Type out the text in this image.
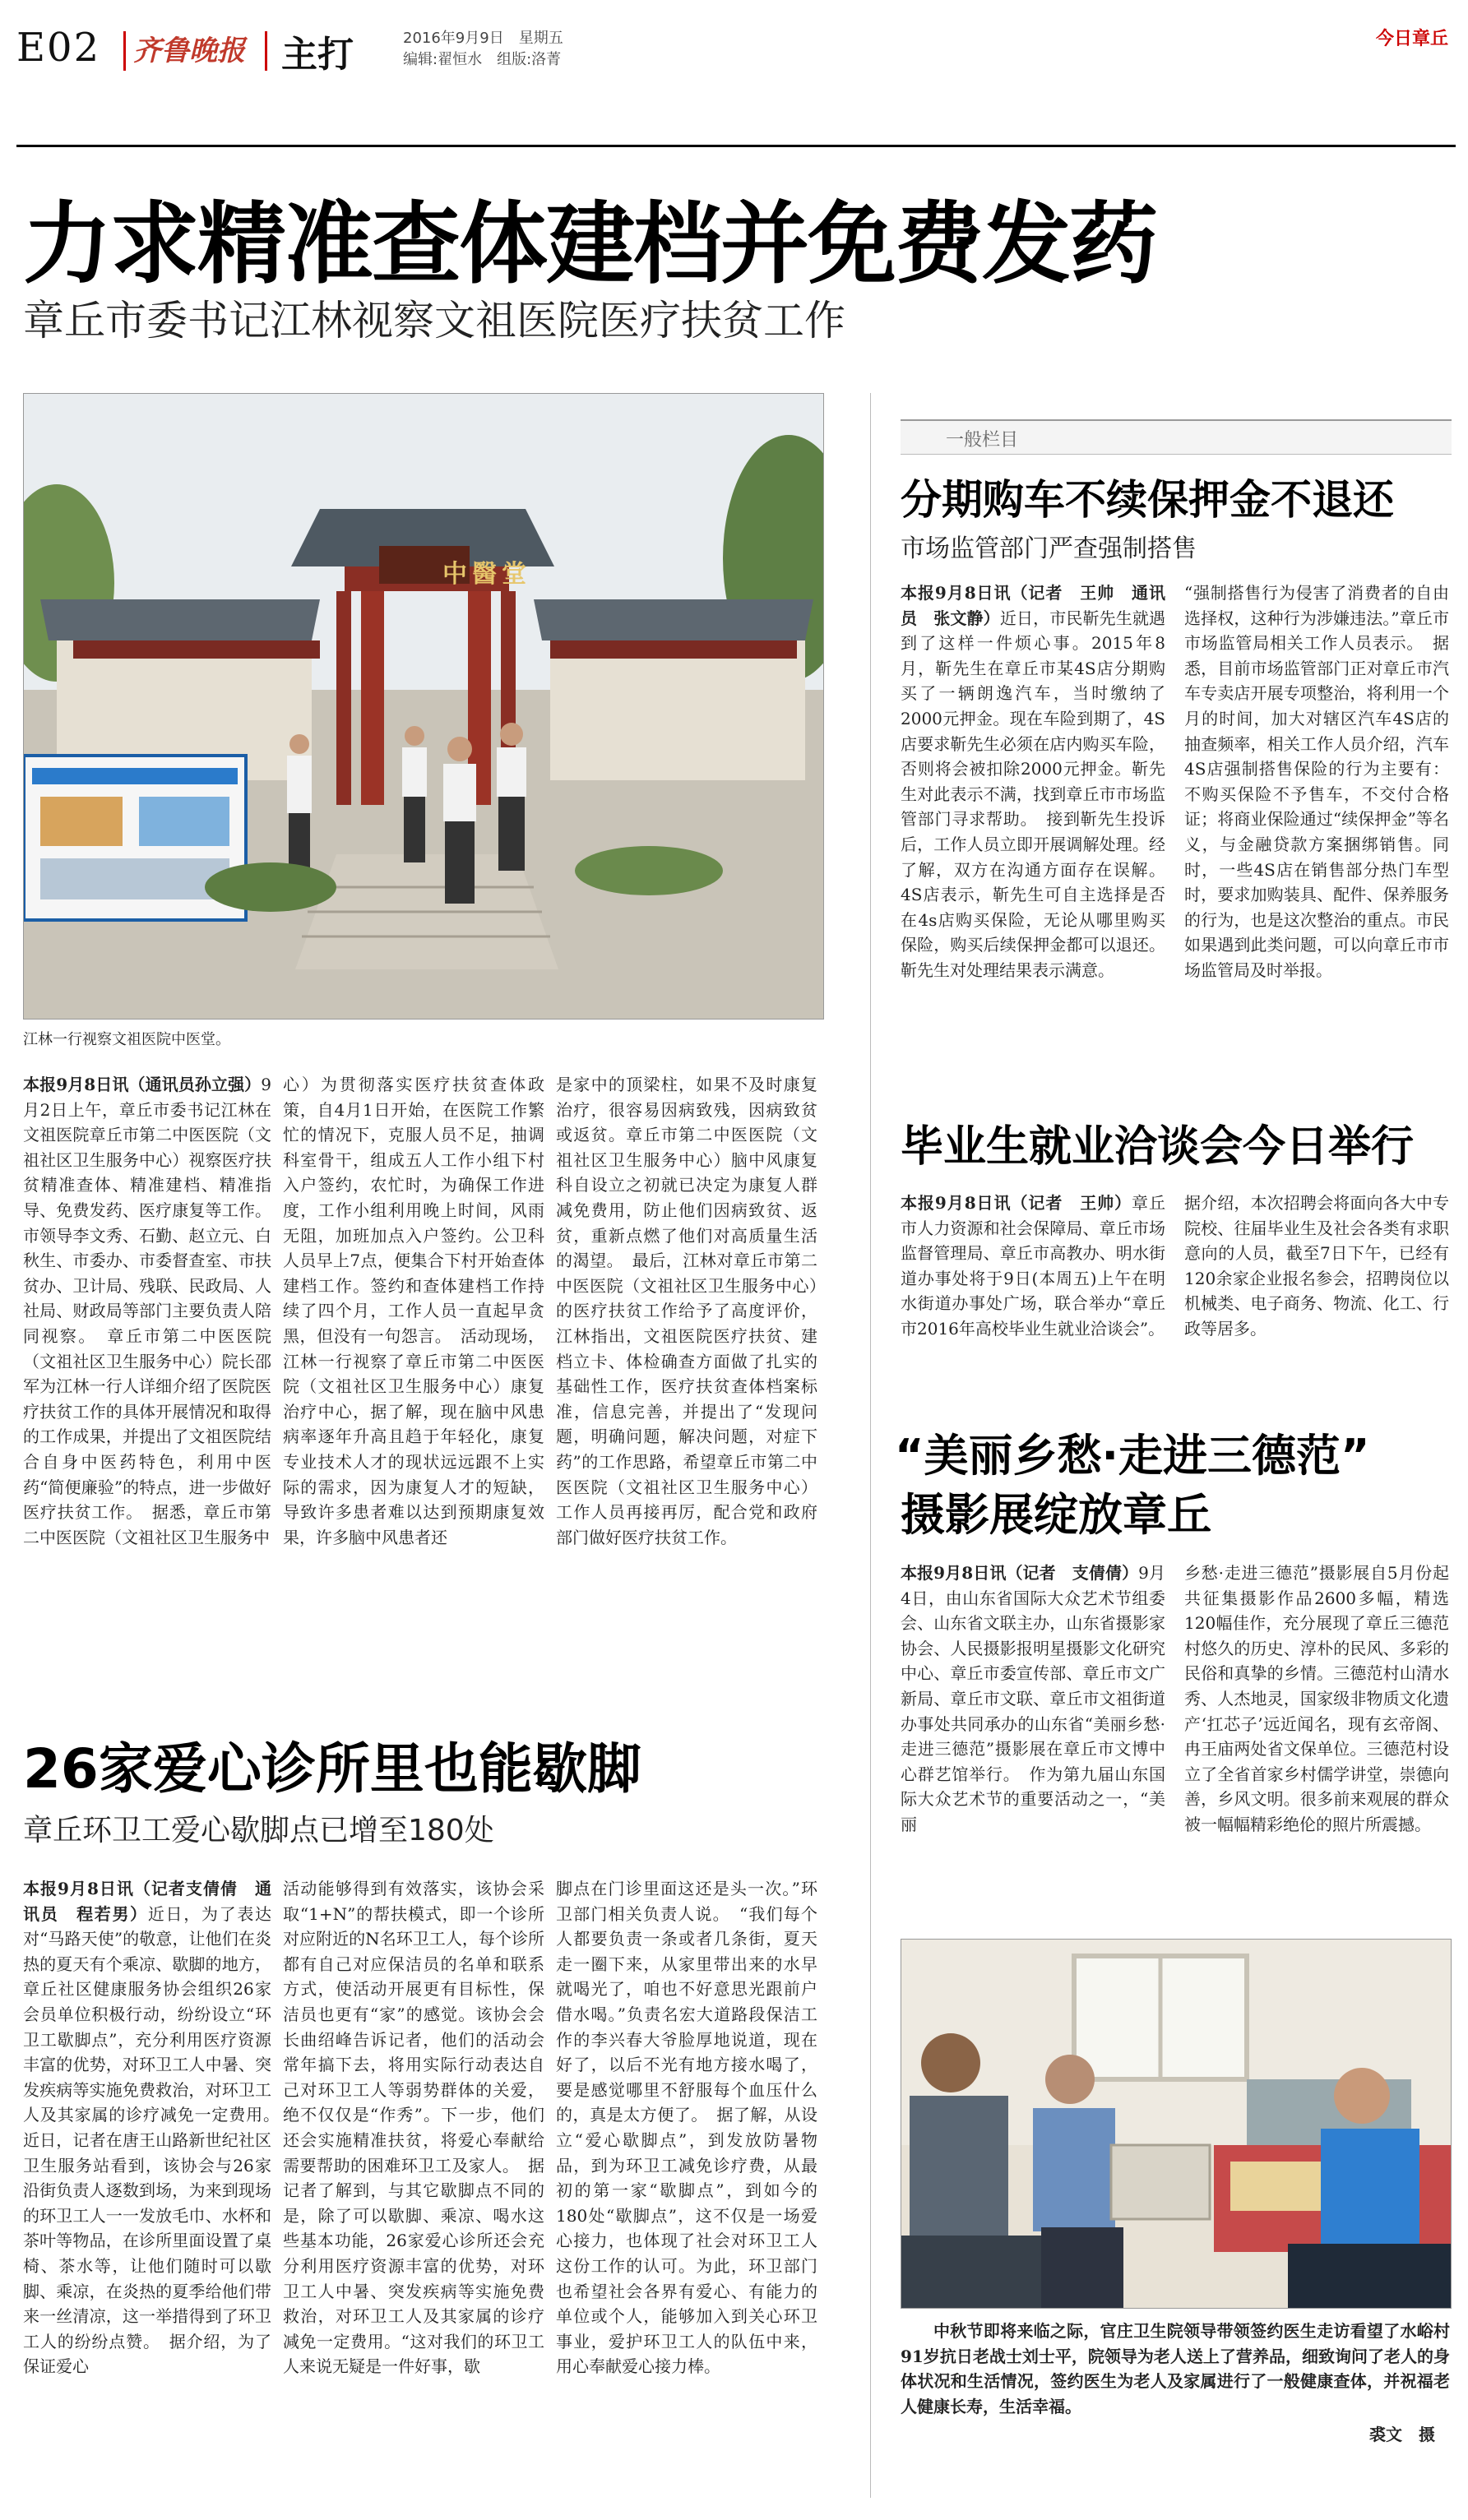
E02 齐鲁晚报 主打	2016年9月9日　星期五
编辑:翟恒水　组版:洛菁
今日章丘
力求精准查体建档并免费发药
章丘市委书记江林视察文祖医院医疗扶贫工作
中醫堂
江林一行视察文祖医院中医堂。

本报9月8日讯（通讯员孙立强）9月2日上午，章丘市委书记江林在文祖医院章丘市第二中医医院（文祖社区卫生服务中心）视察医疗扶贫精准查体、精准建档、精准指导、免费发药、医疗康复等工作。市领导李文秀、石勤、赵立元、白秋生、市委办、市委督查室、市扶贫办、卫计局、残联、民政局、人社局、财政局等部门主要负责人陪同视察。　章丘市第二中医医院（文祖社区卫生服务中心）院长邵军为江林一行人详细介绍了医院医疗扶贫工作的具体开展情况和取得的工作成果，并提出了文祖医院结合自身中医药特色，利用中医药“简便廉验”的特点，进一步做好医疗扶贫工作。　据悉，章丘市第二中医医院（文祖社区卫生服务中

心）为贯彻落实医疗扶贫查体政策，自4月1日开始，在医院工作繁忙的情况下，克服人员不足，抽调科室骨干，组成五人工作小组下村入户签约，农忙时，为确保工作进度，工作小组利用晚上时间，风雨无阻，加班加点入户签约。公卫科人员早上7点，便集合下村开始查体建档工作。签约和查体建档工作持续了四个月，工作人员一直起早贪黑，但没有一句怨言。　活动现场，江林一行视察了章丘市第二中医医院（文祖社区卫生服务中心）康复治疗中心，据了解，现在脑中风患病率逐年升高且趋于年轻化，康复专业技术人才的现状远远跟不上实际的需求，因为康复人才的短缺，导致许多患者难以达到预期康复效果，许多脑中风患者还

是家中的顶梁柱，如果不及时康复治疗，很容易因病致残，因病致贫或返贫。章丘市第二中医医院（文祖社区卫生服务中心）脑中风康复科自设立之初就已决定为康复人群减免费用，防止他们因病致贫、返贫，重新点燃了他们对高质量生活的渴望。　最后，江林对章丘市第二中医医院（文祖社区卫生服务中心）的医疗扶贫工作给予了高度评价，江林指出，文祖医院医疗扶贫、建档立卡、体检确查方面做了扎实的基础性工作，医疗扶贫查体档案标准，信息完善，并提出了“发现问题，明确问题，解决问题，对症下药”的工作思路，希望章丘市第二中医医院（文祖社区卫生服务中心）工作人员再接再厉，配合党和政府部门做好医疗扶贫工作。

26家爱心诊所里也能歇脚
章丘环卫工爱心歇脚点已增至180处

本报9月8日讯（记者支倩倩　通讯员　程若男）近日，为了表达对“马路天使”的敬意，让他们在炎热的夏天有个乘凉、歇脚的地方，章丘社区健康服务协会组织26家会员单位积极行动，纷纷设立“环卫工歇脚点”，充分利用医疗资源丰富的优势，对环卫工人中暑、突发疾病等实施免费救治，对环卫工人及其家属的诊疗减免一定费用。　近日，记者在唐王山路新世纪社区卫生服务站看到，该协会与26家沿街负责人逐数到场，为来到现场的环卫工人一一发放毛巾、水杯和茶叶等物品，在诊所里面设置了桌椅、茶水等，让他们随时可以歇脚、乘凉，在炎热的夏季给他们带来一丝清凉，这一举措得到了环卫工人的纷纷点赞。　据介绍，为了保证爱心

活动能够得到有效落实，该协会采取“1+N”的帮扶模式，即一个诊所对应附近的N名环卫工人，每个诊所都有自己对应保洁员的名单和联系方式，使活动开展更有目标性，保洁员也更有“家”的感觉。该协会会长曲绍峰告诉记者，他们的活动会常年搞下去，将用实际行动表达自己对环卫工人等弱势群体的关爱，绝不仅仅是“作秀”。下一步，他们还会实施精准扶贫，将爱心奉献给需要帮助的困难环卫工及家人。　据记者了解到，与其它歇脚点不同的是，除了可以歇脚、乘凉、喝水这些基本功能，26家爱心诊所还会充分利用医疗资源丰富的优势，对环卫工人中暑、突发疾病等实施免费救治，对环卫工人及其家属的诊疗减免一定费用。“这对我们的环卫工人来说无疑是一件好事，歇

脚点在门诊里面这还是头一次。”环卫部门相关负责人说。　“我们每个人都要负责一条或者几条街，夏天走一圈下来，从家里带出来的水早就喝光了，咱也不好意思光跟前户借水喝。”负责名宏大道路段保洁工作的李兴春大爷脸厚地说道，现在好了，以后不光有地方接水喝了，要是感觉哪里不舒服每个血压什么的，真是太方便了。　据了解，从设立“爱心歇脚点”，到发放防暑物品，到为环卫工减免诊疗费，从最初的第一家“歇脚点”，到如今的180处“歇脚点”，这不仅是一场爱心接力，也体现了社会对环卫工人这份工作的认可。为此，环卫部门也希望社会各界有爱心、有能力的单位或个人，能够加入到关心环卫事业，爱护环卫工人的队伍中来，用心奉献爱心接力棒。

一般栏目
分期购车不续保押金不退还
市场监管部门严查强制搭售

本报9月8日讯（记者　王帅　通讯员　张文静）近日，市民靳先生就遇到了这样一件烦心事。2015年8月，靳先生在章丘市某4S店分期购买了一辆朗逸汽车，当时缴纳了2000元押金。现在车险到期了，4S店要求靳先生必须在店内购买车险，否则将会被扣除2000元押金。靳先生对此表示不满，找到章丘市市场监管部门寻求帮助。　接到靳先生投诉后，工作人员立即开展调解处理。经了解，双方在沟通方面存在误解。4S店表示，靳先生可自主选择是否在4s店购买保险，无论从哪里购买保险，购买后续保押金都可以退还。靳先生对处理结果表示满意。

“强制搭售行为侵害了消费者的自由选择权，这种行为涉嫌违法。”章丘市市场监管局相关工作人员表示。　据悉，目前市场监管部门正对章丘市汽车专卖店开展专项整治，将利用一个月的时间，加大对辖区汽车4S店的抽查频率，相关工作人员介绍，汽车4S店强制搭售保险的行为主要有：不购买保险不予售车，不交付合格证；将商业保险通过“续保押金”等名义，与金融贷款方案捆绑销售。同时，一些4S店在销售部分热门车型时，要求加购装具、配件、保养服务的行为，也是这次整治的重点。市民如果遇到此类问题，可以向章丘市市场监管局及时举报。

毕业生就业洽谈会今日举行

本报9月8日讯（记者　王帅）章丘市人力资源和社会保障局、章丘市场监督管理局、章丘市高教办、明水街道办事处将于9日(本周五)上午在明水街道办事处广场，联合举办“章丘市2016年高校毕业生就业洽谈会”。

据介绍，本次招聘会将面向各大中专院校、往届毕业生及社会各类有求职意向的人员，截至7日下午，已经有120余家企业报名参会，招聘岗位以机械类、电子商务、物流、化工、行政等居多。

“美丽乡愁·走进三德范”
摄影展绽放章丘

本报9月8日讯（记者　支倩倩）9月4日，由山东省国际大众艺术节组委会、山东省文联主办，山东省摄影家协会、人民摄影报明星摄影文化研究中心、章丘市委宣传部、章丘市文广新局、章丘市文联、章丘市文祖街道办事处共同承办的山东省“美丽乡愁·走进三德范”摄影展在章丘市文博中心群艺馆举行。　作为第九届山东国际大众艺术节的重要活动之一，“美丽

乡愁·走进三德范”摄影展自5月份起共征集摄影作品2600多幅，精选120幅佳作，充分展现了章丘三德范村悠久的历史、淳朴的民风、多彩的民俗和真挚的乡情。三德范村山清水秀、人杰地灵，国家级非物质文化遗产‘扛芯子’远近闻名，现有玄帝阁、冉王庙两处省文保单位。三德范村设立了全省首家乡村儒学讲堂，崇德向善，乡风文明。很多前来观展的群众被一幅幅精彩绝伦的照片所震撼。

中秋节即将来临之际，官庄卫生院领导带领签约医生走访看望了水峪村91岁抗日老战士刘士平，院领导为老人送上了营养品，细致询问了老人的身体状况和生活情况，签约医生为老人及家属进行了一般健康查体，并祝福老人健康长寿，生活幸福。
裘文　摄
